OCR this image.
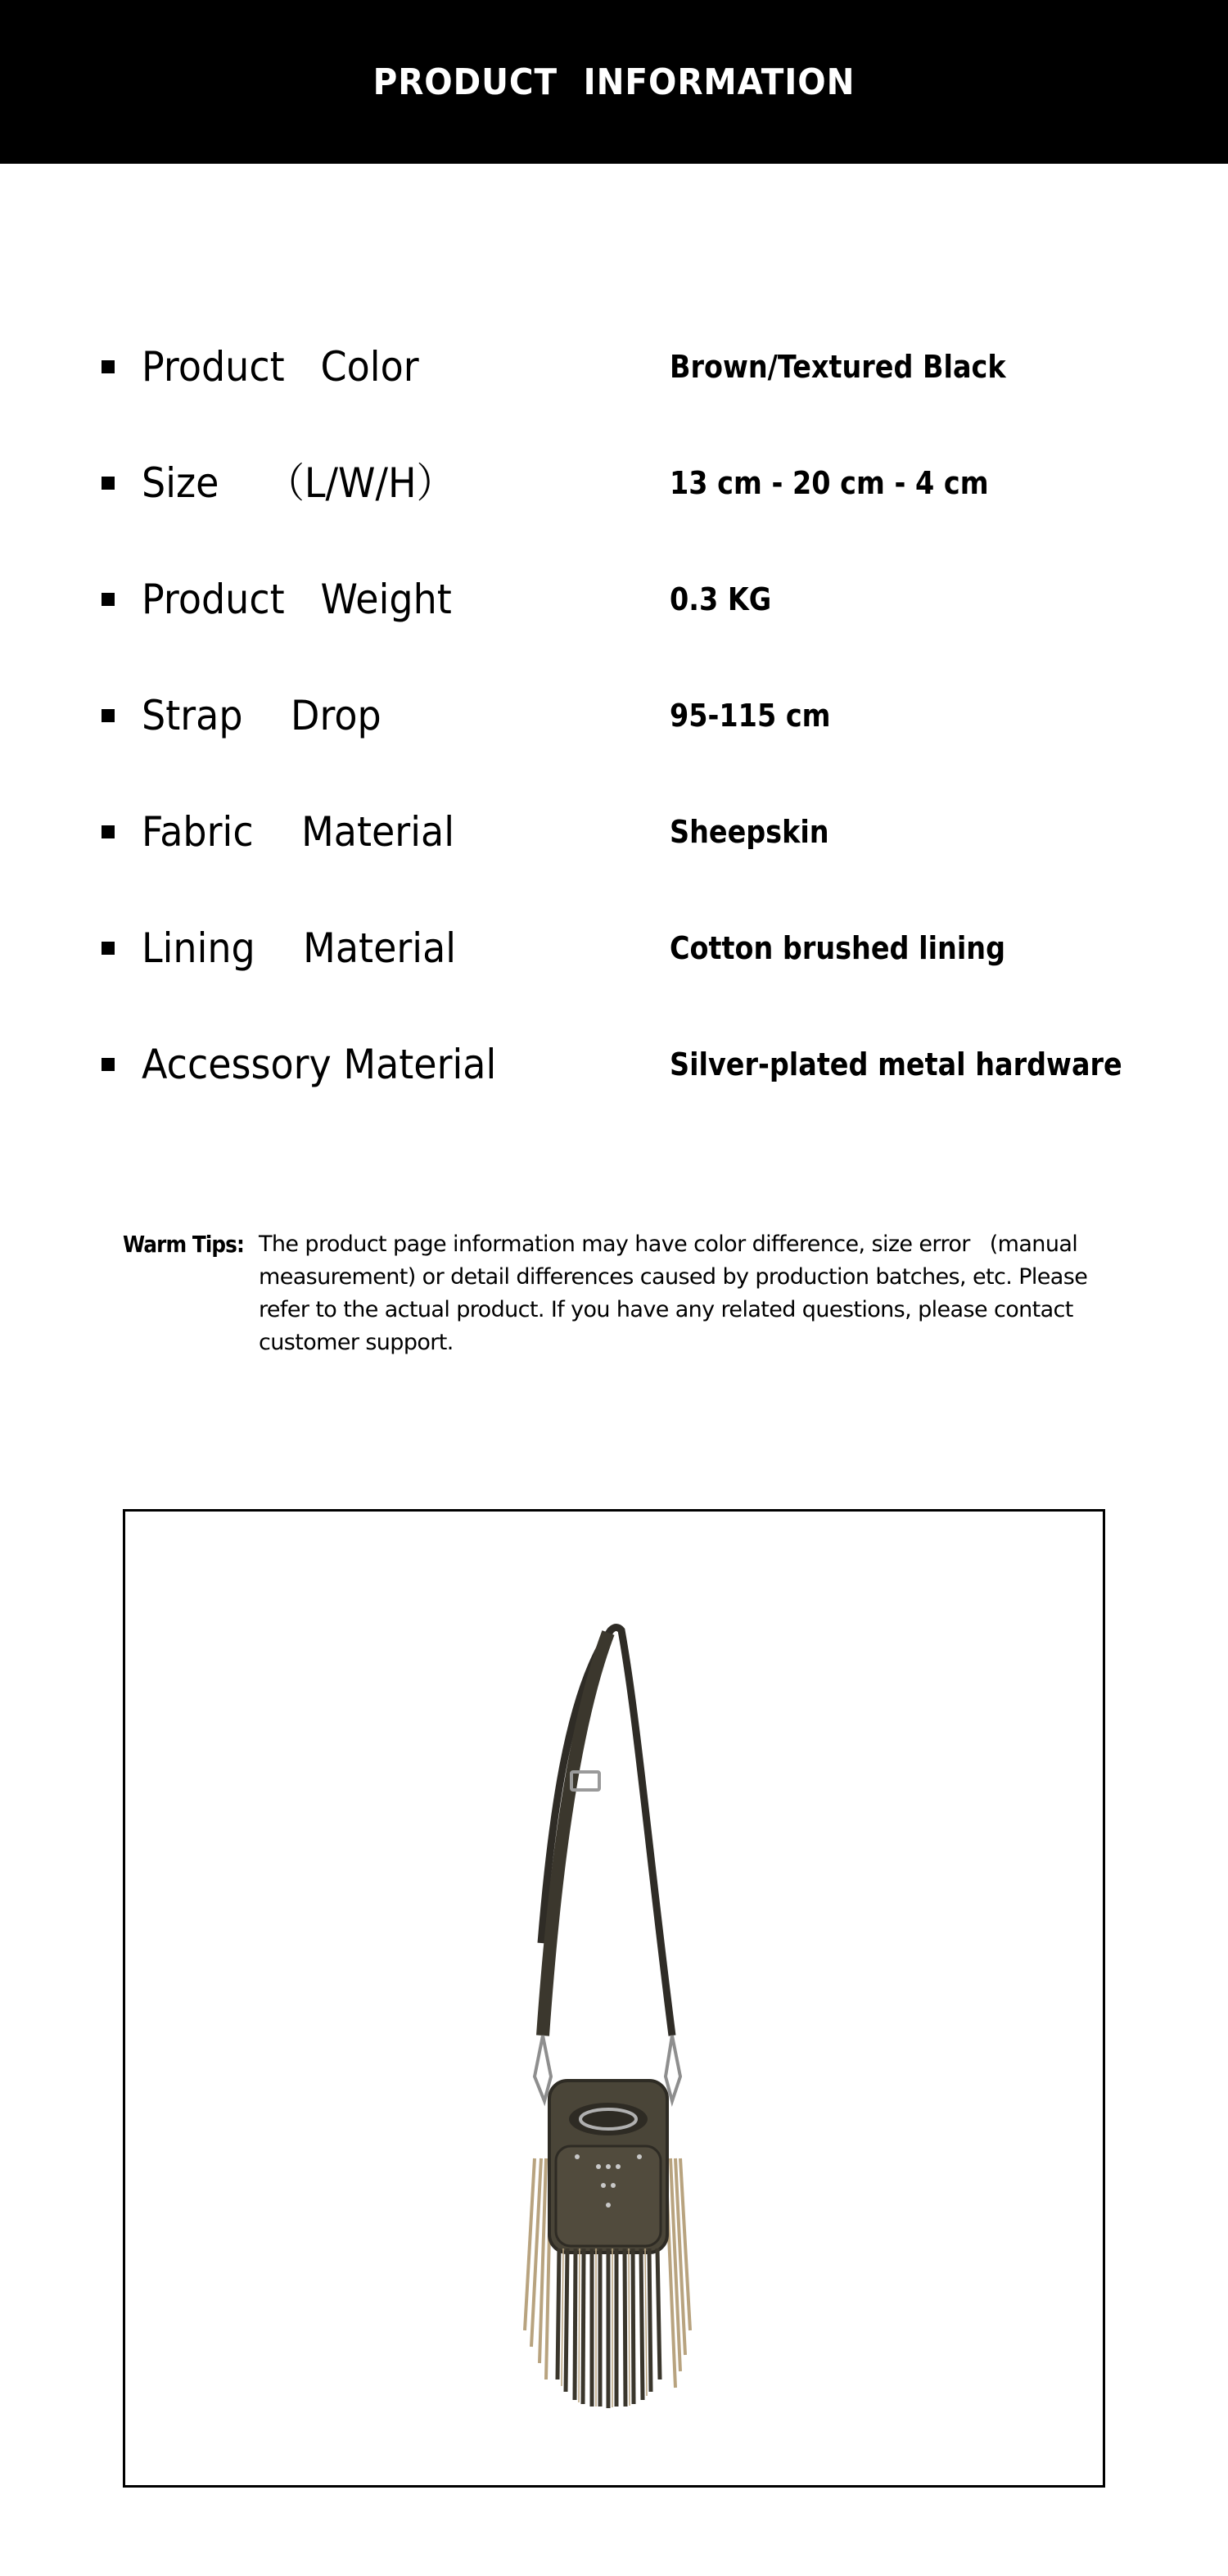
PRODUCT INFORMATION
Product   Color	Brown/Textured Black
Size    （L/W/H）	13 cm - 20 cm - 4 cm
Product   Weight	0.3 KG
Strap    Drop	95-115 cm
Fabric    Material	Sheepskin
Lining    Material	Cotton brushed lining
Accessory Material	Silver-plated metal hardware
Warm Tips: The product page information may have color difference, size error   (manual measurement) or detail differences caused by production batches, etc. Please refer to the actual product. If you have any related questions, please contact customer support.
